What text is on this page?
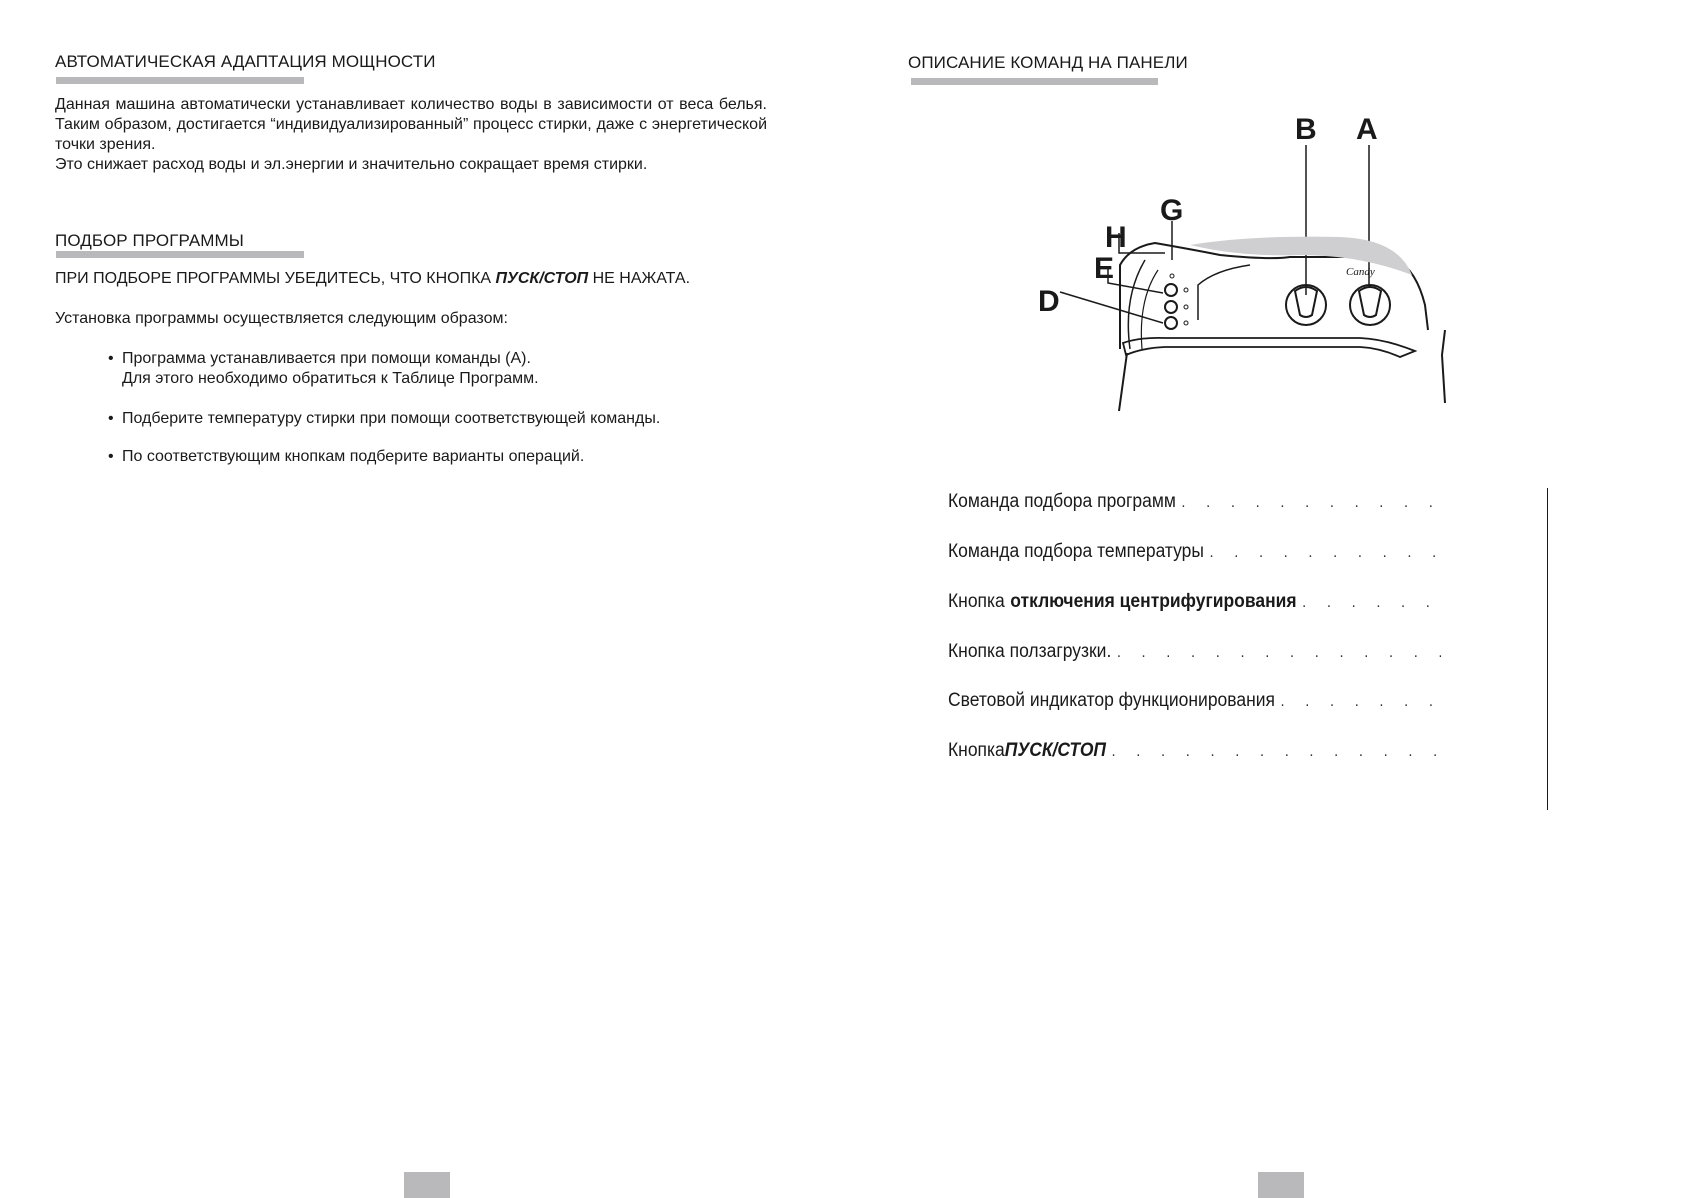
АВТОМАТИЧЕСКАЯ АДАПТАЦИЯ МОЩНОСТИ

Данная машина автоматически устанавливает количество воды в зависимости от веса белья. Таким образом, достигается “индивидуализированный” процесс стирки, даже с энергетической точки зрения.

Это снижает расход воды и эл.энергии и значительно сокращает время стирки.

ПОДБОР ПРОГРАММЫ
ПРИ ПОДБОРЕ ПРОГРАММЫ УБЕДИТЕСЬ, ЧТО КНОПКА ПУСК/СТОП НЕ НАЖАТА.
Установка программы осуществляется следующим образом:
• Программа устанавливается при помощи команды (A).
Для этого необходимо обратиться к Таблице Программ.
• Подберите температуру стирки при помощи соответствующей команды.
• По соответствующим кнопкам подберите варианты операций.
ОПИСАНИЕ КОМАНД НА ПАНЕЛИ
B A
G
H
E
D
Candy
Команда подбора программ
. . .
Команда подбора температуры
. . .
Кнопка отключения центрифугирования
. . .
Кнопка ползагрузки.
. . .
Световой индикатор функционирования
. . .
Кнопка ПУСК/СТОП
. . .
